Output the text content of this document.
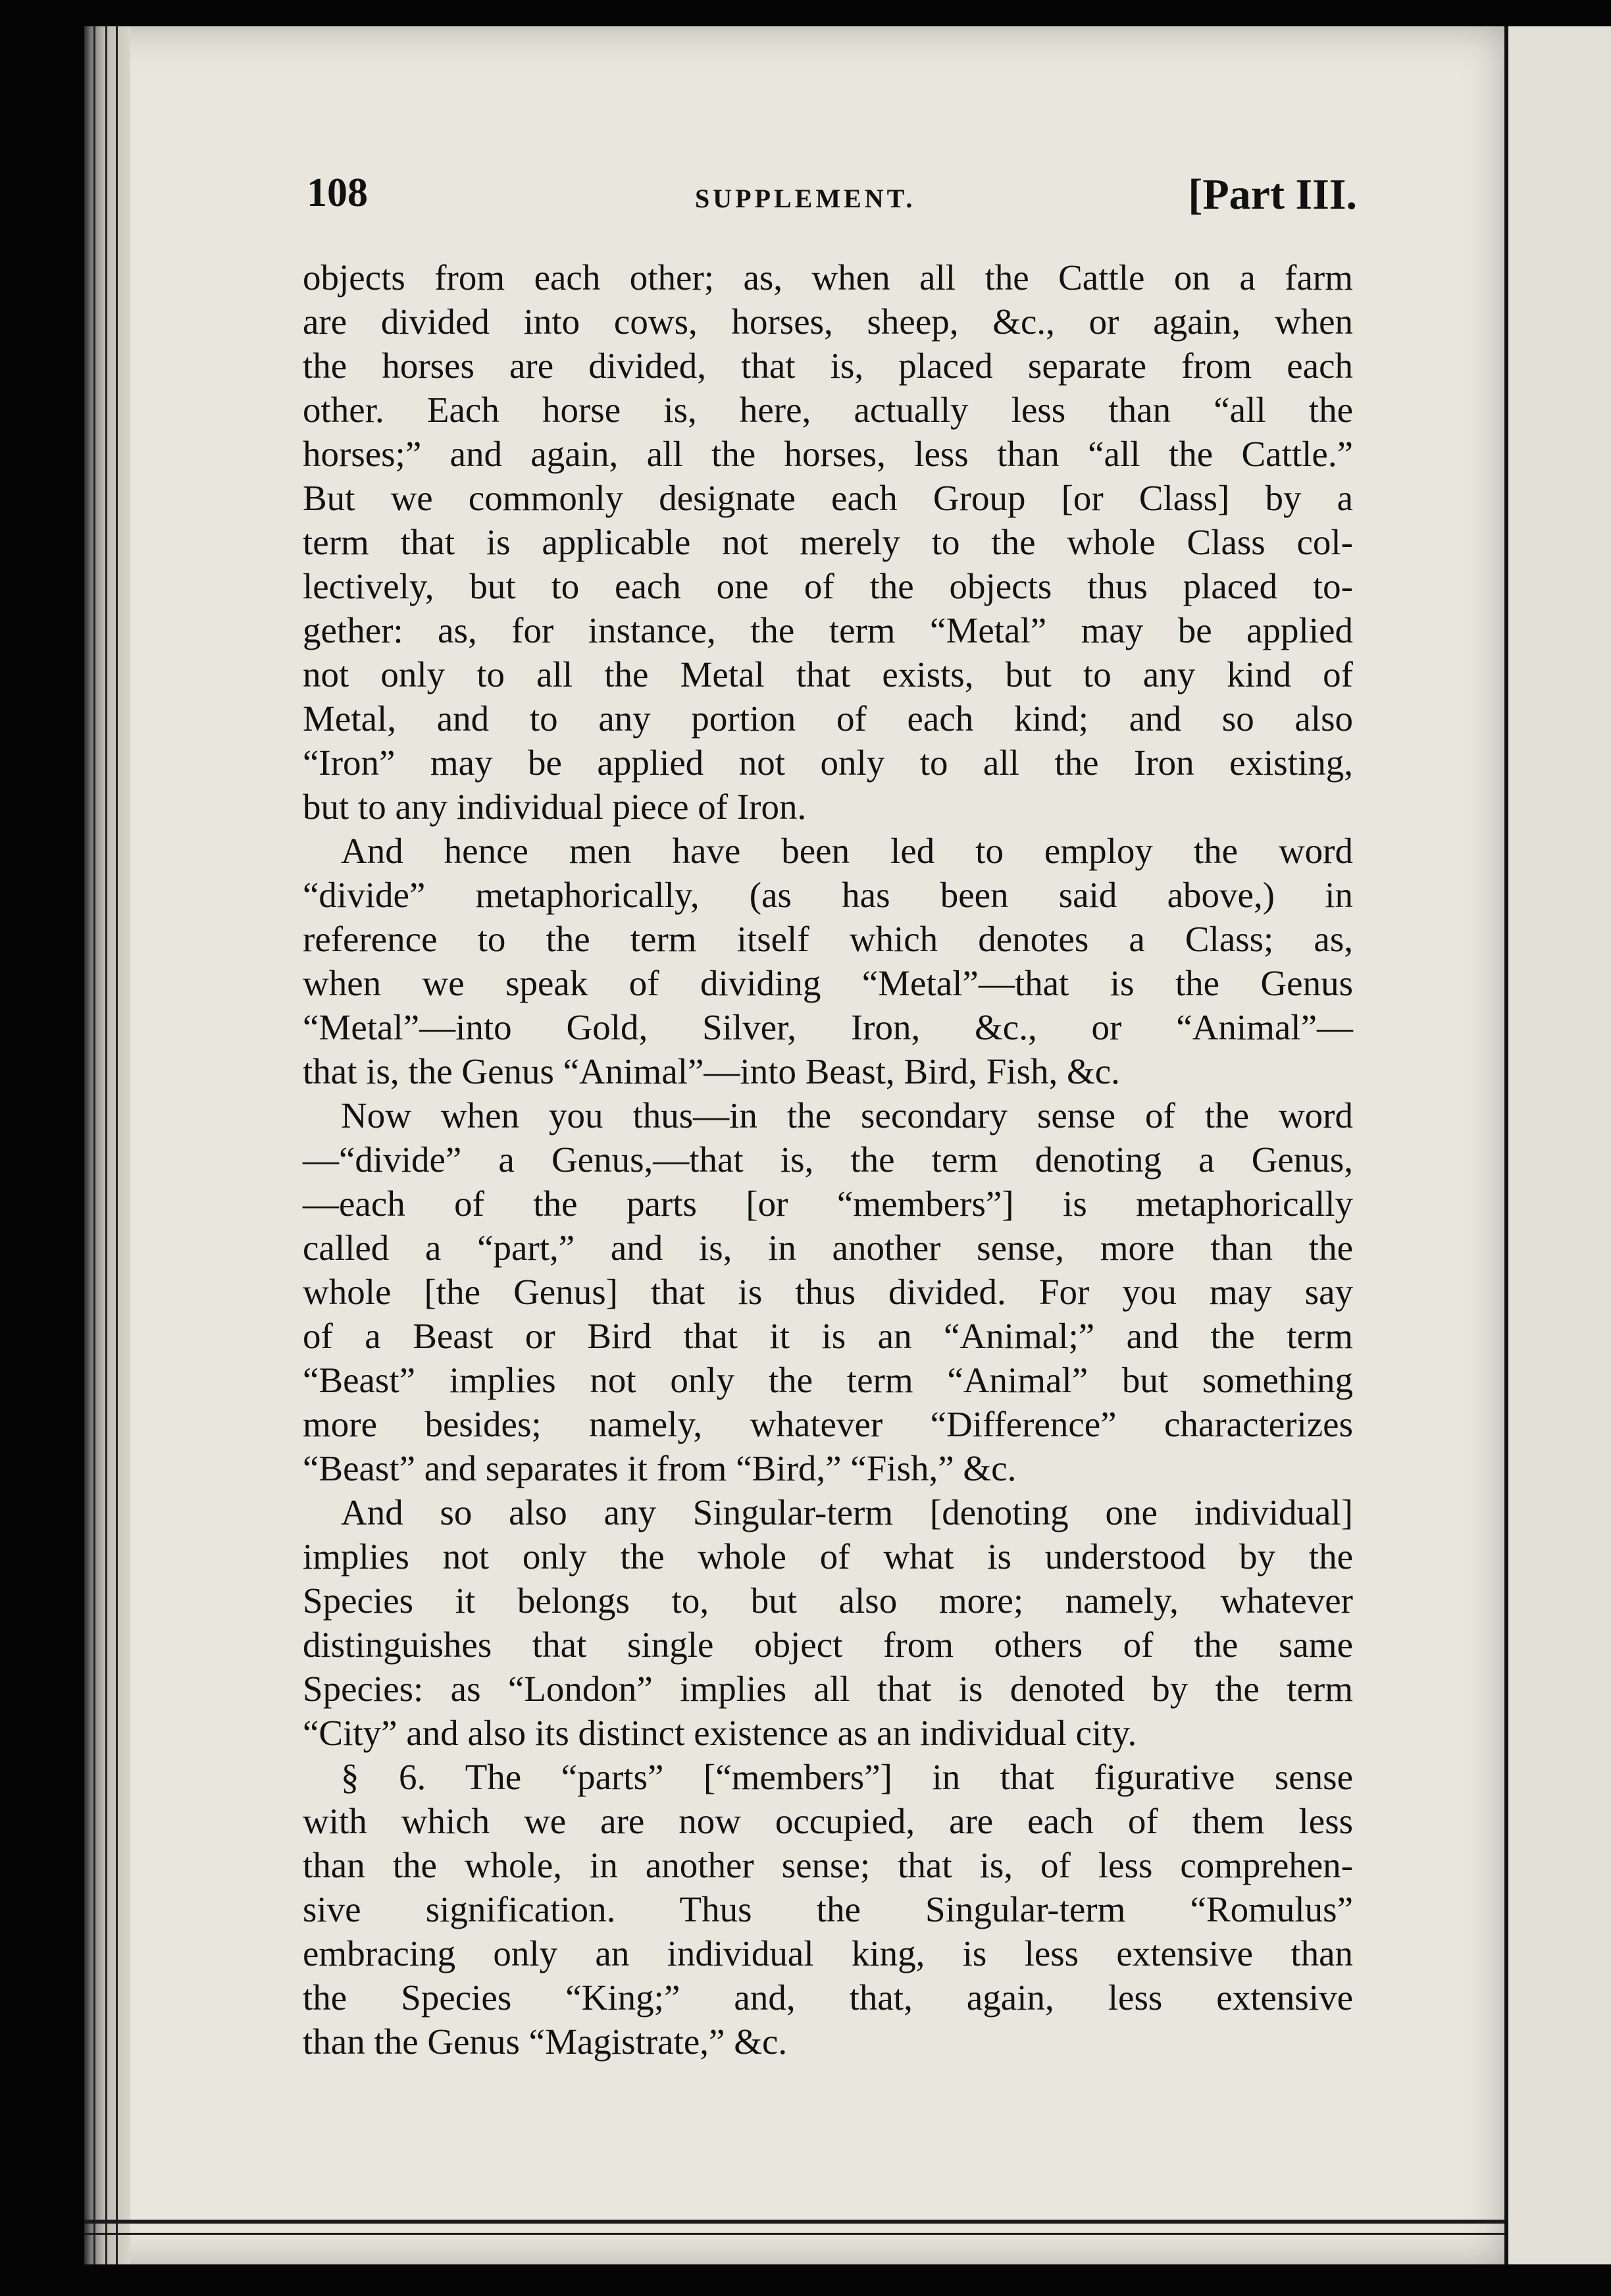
108	SUPPLEMENT.	[Part III.
objects from each other; as, when all the Cattle on a farm
are divided into cows, horses, sheep, &c., or again, when
the horses are divided, that is, placed separate from each
other. Each horse is, here, actually less than “all the
horses;” and again, all the horses, less than “all the Cattle.”
But we commonly designate each Group [or Class] by a
term that is applicable not merely to the whole Class col-
lectively, but to each one of the objects thus placed to-
gether: as, for instance, the term “Metal” may be applied
not only to all the Metal that exists, but to any kind of
Metal, and to any portion of each kind; and so also
“Iron” may be applied not only to all the Iron existing,
but to any individual piece of Iron.
And hence men have been led to employ the word
“divide” metaphorically, (as has been said above,) in
reference to the term itself which denotes a Class; as,
when we speak of dividing “Metal”—that is the Genus
“Metal”—into Gold, Silver, Iron, &c., or “Animal”—
that is, the Genus “Animal”—into Beast, Bird, Fish, &c.
Now when you thus—in the secondary sense of the word
—“divide” a Genus,—that is, the term denoting a Genus,
—each of the parts [or “members”] is metaphorically
called a “part,” and is, in another sense, more than the
whole [the Genus] that is thus divided. For you may say
of a Beast or Bird that it is an “Animal;” and the term
“Beast” implies not only the term “Animal” but something
more besides; namely, whatever “Difference” characterizes
“Beast” and separates it from “Bird,” “Fish,” &c.
And so also any Singular-term [denoting one individual]
implies not only the whole of what is understood by the
Species it belongs to, but also more; namely, whatever
distinguishes that single object from others of the same
Species: as “London” implies all that is denoted by the term
“City” and also its distinct existence as an individual city.
§ 6. The “parts” [“members”] in that figurative sense
with which we are now occupied, are each of them less
than the whole, in another sense; that is, of less comprehen-
sive signification. Thus the Singular-term “Romulus”
embracing only an individual king, is less extensive than
the Species “King;” and, that, again, less extensive
than the Genus “Magistrate,” &c.
